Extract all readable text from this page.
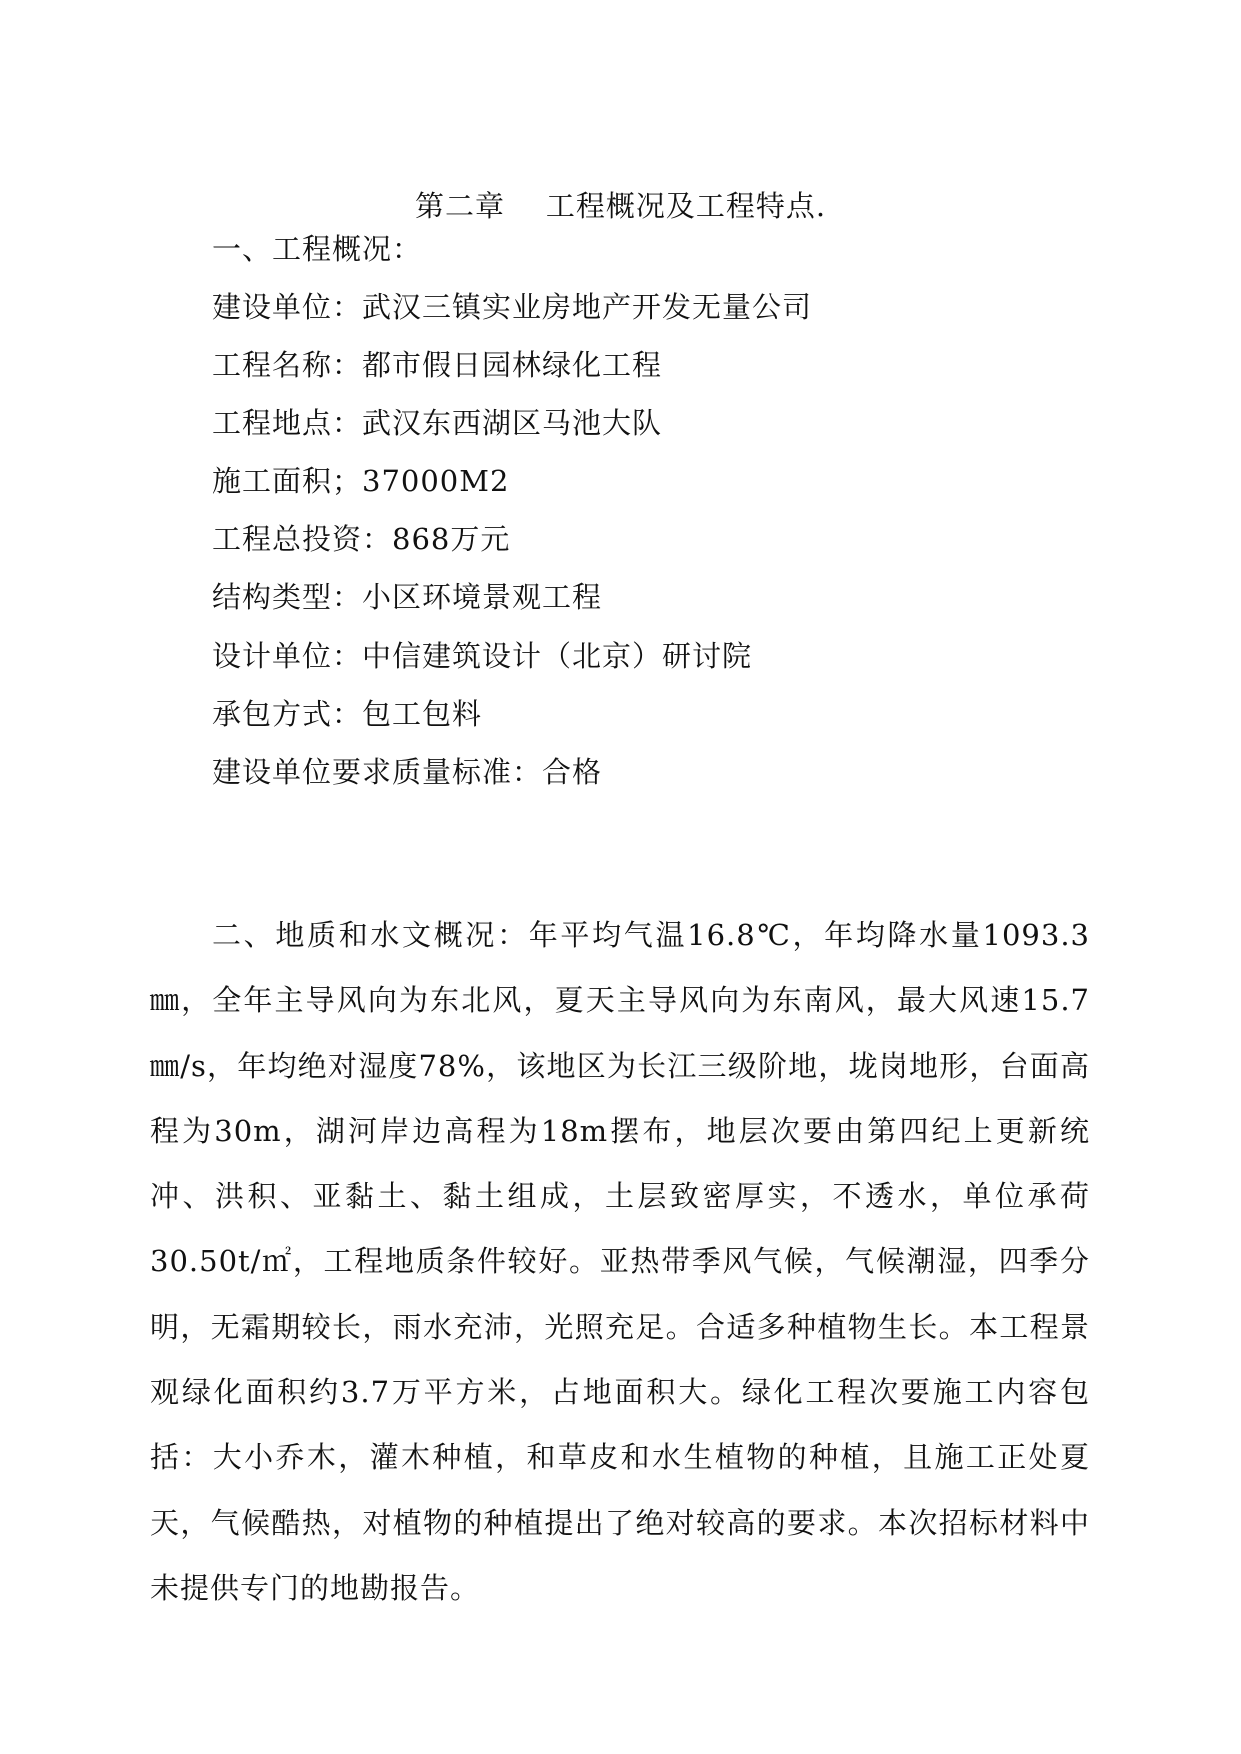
第二章    工程概况及工程特点.
一、工程概况：
建设单位：武汉三镇实业房地产开发无量公司
工程名称：都市假日园林绿化工程
工程地点：武汉东西湖区马池大队
施工面积；37000M2
工程总投资：868万元
结构类型：小区环境景观工程
设计单位：中信建筑设计（北京）研讨院
承包方式：包工包料
建设单位要求质量标准：合格

二、地质和水文概况：年平均气温16.8℃，年均降水量1093.3㎜，全年主导风向为东北风，夏天主导风向为东南风，最大风速15.7㎜/s，年均绝对湿度78%，该地区为长江三级阶地，垅岗地形，台面高程为30m，湖河岸边高程为18m摆布，地层次要由第四纪上更新统冲、洪积、亚黏土、黏土组成，土层致密厚实，不透水，单位承荷30.50t/㎡，工程地质条件较好。亚热带季风气候，气候潮湿，四季分明，无霜期较长，雨水充沛，光照充足。合适多种植物生长。本工程景观绿化面积约3.7万平方米，占地面积大。绿化工程次要施工内容包括：大小乔木，灌木种植，和草皮和水生植物的种植，且施工正处夏天，气候酷热，对植物的种植提出了绝对较高的要求。本次招标材料中未提供专门的地勘报告。
